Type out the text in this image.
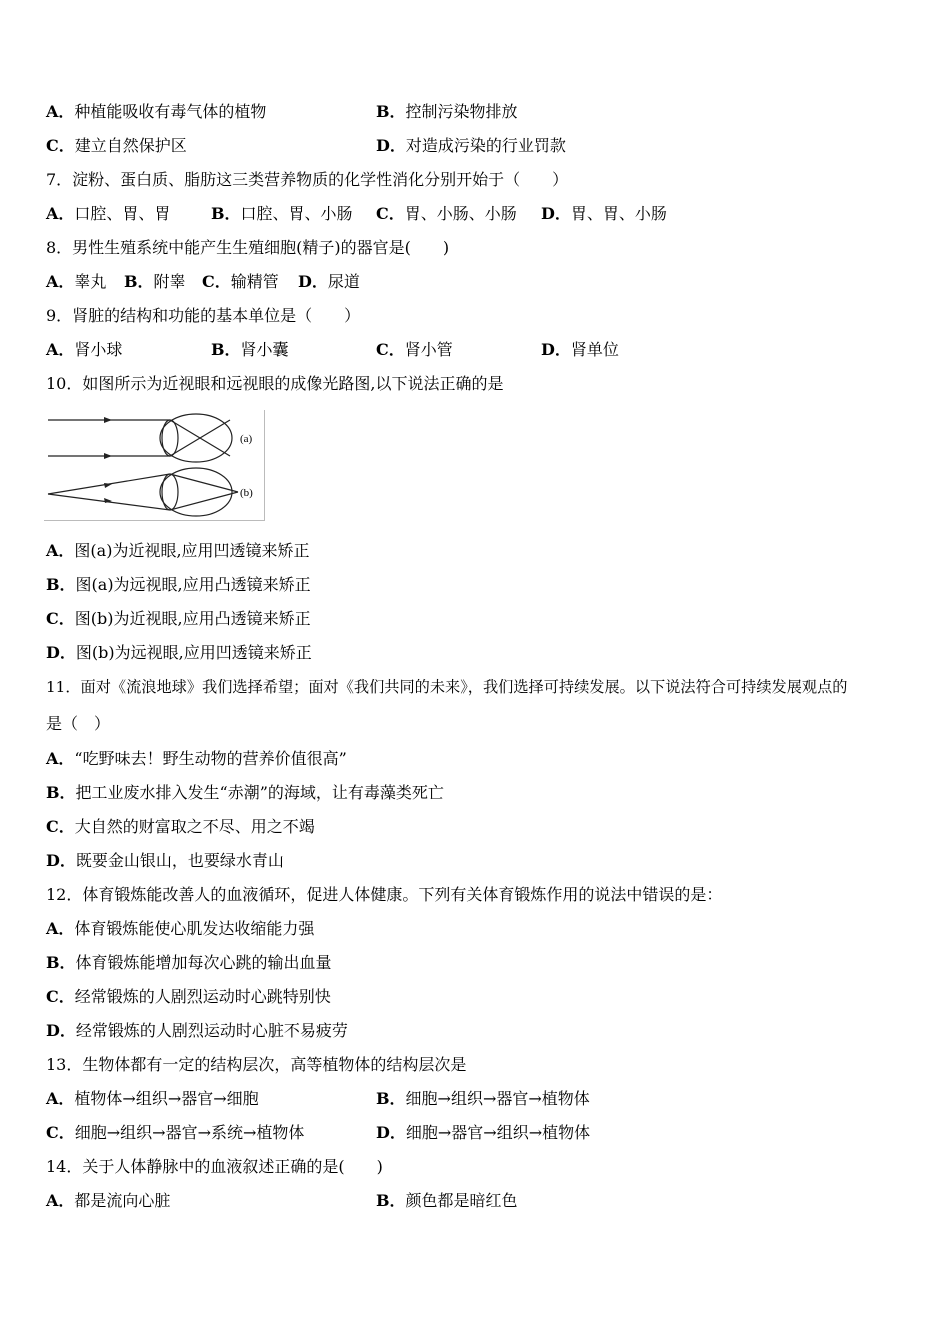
A．种植能吸收有毒气体的植物	B．控制污染物排放
C．建立自然保护区	D．对造成污染的行业罚款
7．淀粉、蛋白质、脂肪这三类营养物质的化学性消化分别开始于（　　）
A．口腔、胃、胃	B．口腔、胃、小肠 C．胃、小肠、小肠 D．胃、胃、小肠
8．男性生殖系统中能产生生殖细胞(精子)的器官是(　　)
A．睾丸 B．附睾 C．输精管 D．尿道
9．肾脏的结构和功能的基本单位是（　　）
A．肾小球	B．肾小囊	C．肾小管	D．肾单位
10．如图所示为近视眼和远视眼的成像光路图,以下说法正确的是
(a)
(b)
A．图(a)为近视眼,应用凹透镜来矫正
B．图(a)为远视眼,应用凸透镜来矫正
C．图(b)为近视眼,应用凸透镜来矫正
D．图(b)为远视眼,应用凹透镜来矫正
11．面对《流浪地球》我们选择希望；面对《我们共同的未来》，我们选择可持续发展。以下说法符合可持续发展观点的
是（　）
A．“吃野味去！野生动物的营养价值很高”
B．把工业废水排入发生“赤潮”的海域，让有毒藻类死亡
C．大自然的财富取之不尽、用之不竭
D．既要金山银山，也要绿水青山
12．体育锻炼能改善人的血液循环，促进人体健康。下列有关体育锻炼作用的说法中错误的是：
A．体育锻炼能使心肌发达收缩能力强
B．体育锻炼能增加每次心跳的输出血量
C．经常锻炼的人剧烈运动时心跳特别快
D．经常锻炼的人剧烈运动时心脏不易疲劳
13．生物体都有一定的结构层次，高等植物体的结构层次是
A．植物体→组织→器官→细胞	B．细胞→组织→器官→植物体
C．细胞→组织→器官→系统→植物体	D．细胞→器官→组织→植物体
14．关于人体静脉中的血液叙述正确的是(　　)
A．都是流向心脏	B．颜色都是暗红色
